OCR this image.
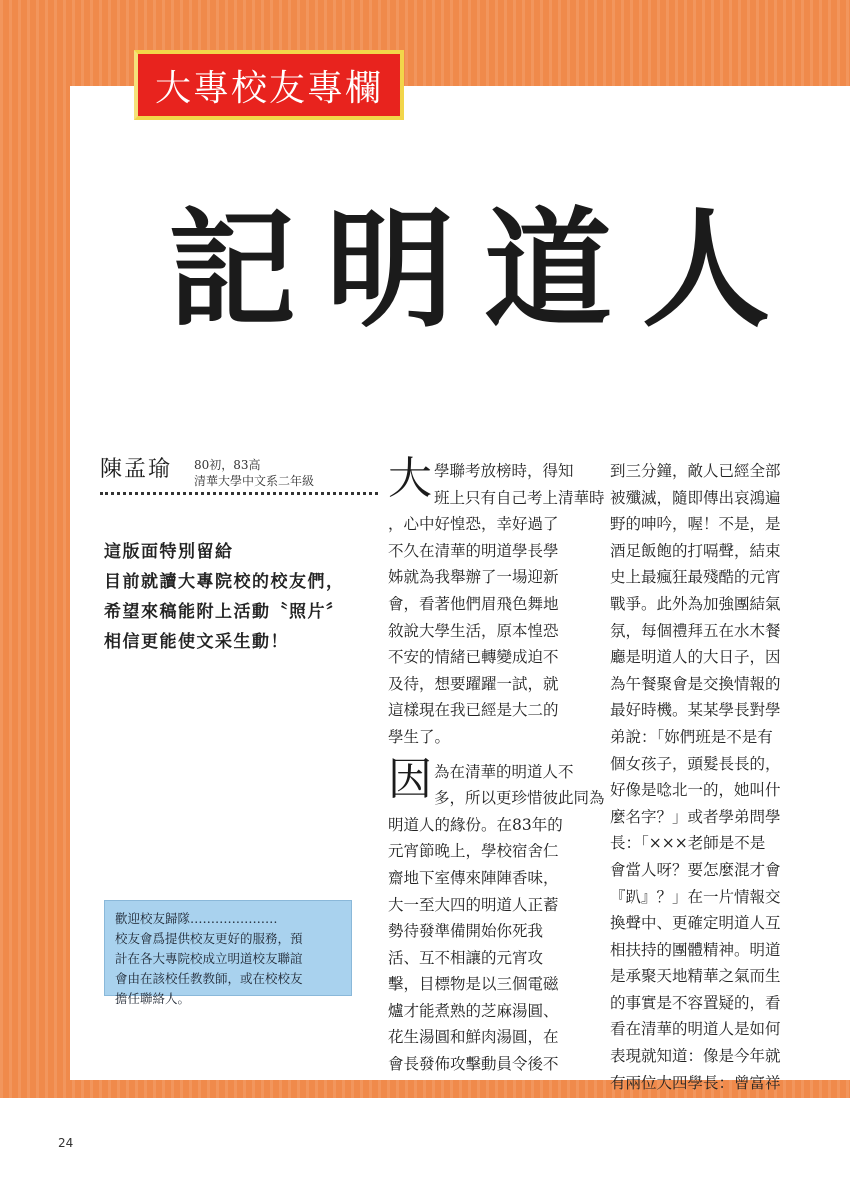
大專校友專欄
記明道人
陳孟瑜 80初，83高
清華大學中文系二年級
這版面特別留給
目前就讀大專院校的校友們，
希望來稿能附上活動〝照片〞
相信更能使文采生動！
歡迎校友歸隊…………………
校友會爲提供校友更好的服務，預
計在各大專院校成立明道校友聯誼
會由在該校任教教師，或在校校友
擔任聯絡人。
大 學聯考放榜時，得知
班上只有自己考上清華時
，心中好惶恐，幸好過了
不久在清華的明道學長學
姊就為我舉辦了一場迎新
會，看著他們眉飛色舞地
敘說大學生活，原本惶恐
不安的情緒已轉變成迫不
及待，想要躍躍一試，就
這樣現在我已經是大二的
學生了。
因 為在清華的明道人不
多，所以更珍惜彼此同為
明道人的緣份。在83年的
元宵節晚上，學校宿舍仁
齋地下室傳來陣陣香味，
大一至大四的明道人正蓄
勢待發準備開始你死我
活、互不相讓的元宵攻
擊，目標物是以三個電磁
爐才能煮熟的芝麻湯圓、
花生湯圓和鮮肉湯圓，在
會長發佈攻擊動員令後不
到三分鐘，敵人已經全部
被殲滅，隨即傳出哀鴻遍
野的呻吟，喔！不是，是
酒足飯飽的打嗝聲，結束
史上最瘋狂最殘酷的元宵
戰爭。此外為加強團結氣
氛，每個禮拜五在水木餐
廳是明道人的大日子，因
為午餐聚會是交換情報的
最好時機。某某學長對學
弟說：「妳們班是不是有
個女孩子，頭髮長長的，
好像是唸北一的，她叫什
麼名字？」或者學弟問學
長：「×××老師是不是
會當人呀？要怎麼混才會
『趴』？」在一片情報交
換聲中、更確定明道人互
相扶持的團體精神。明道
是承聚天地精華之氣而生
的事實是不容置疑的，看
看在清華的明道人是如何
表現就知道：像是今年就
有兩位大四學長：曾富祥
24
